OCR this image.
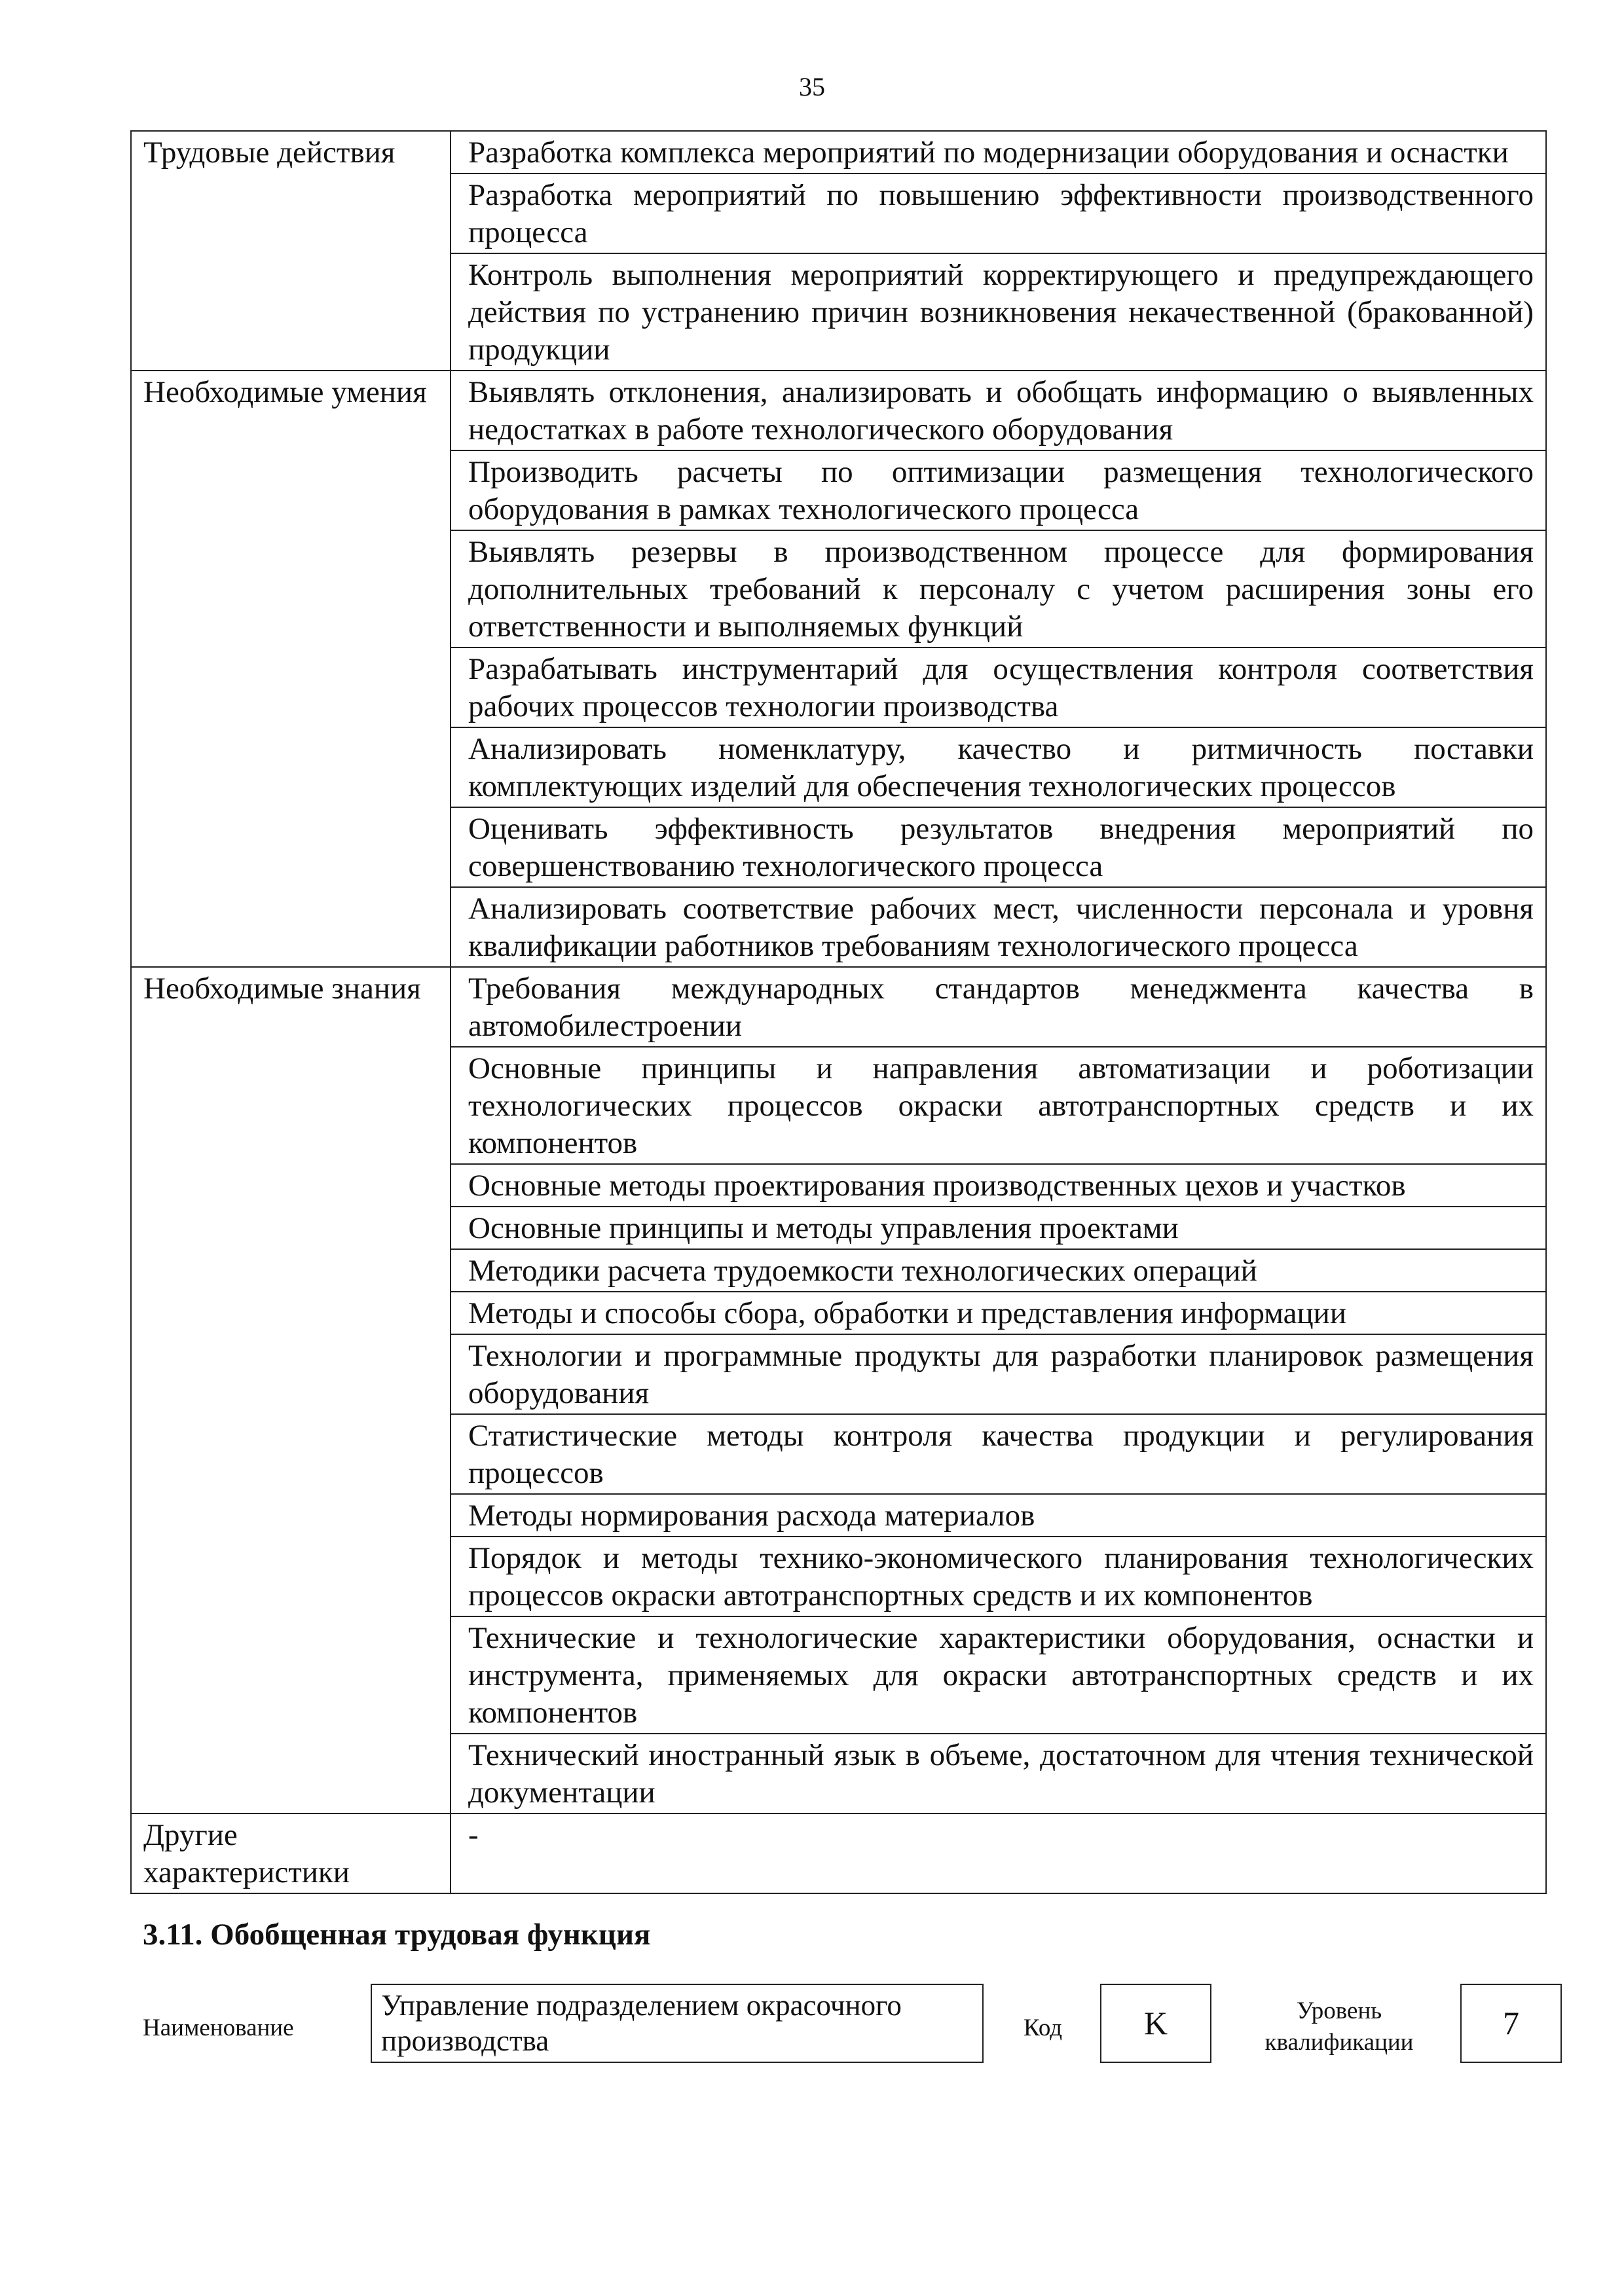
35
Трудовые действия	Разработка комплекса мероприятий по модернизации оборудования и оснастки
	Разработка мероприятий по повышению эффективности производственного процесса
	Контроль выполнения мероприятий корректирующего и предупреждающего действия по устранению причин возникновения некачественной (бракованной) продукции
Необходимые умения	Выявлять отклонения, анализировать и обобщать информацию о выявленных недостатках в работе технологического оборудования
	Производить расчеты по оптимизации размещения технологического оборудования в рамках технологического процесса
	Выявлять резервы в производственном процессе для формирования дополнительных требований к персоналу с учетом расширения зоны его ответственности и выполняемых функций
	Разрабатывать инструментарий для осуществления контроля соответствия рабочих процессов технологии производства
	Анализировать номенклатуру, качество и ритмичность поставки комплектующих изделий для обеспечения технологических процессов
	Оценивать эффективность результатов внедрения мероприятий по совершенствованию технологического процесса
	Анализировать соответствие рабочих мест, численности персонала и уровня квалификации работников требованиям технологического процесса
Необходимые знания	Требования международных стандартов менеджмента качества в автомобилестроении
	Основные принципы и направления автоматизации и роботизации технологических процессов окраски автотранспортных средств и их компонентов
	Основные методы проектирования производственных цехов и участков
	Основные принципы и методы управления проектами
	Методики расчета трудоемкости технологических операций
	Методы и способы сбора, обработки и представления информации
	Технологии и программные продукты для разработки планировок размещения оборудования
	Статистические методы контроля качества продукции и регулирования процессов
	Методы нормирования расхода материалов
	Порядок и методы технико-экономического планирования технологических процессов окраски автотранспортных средств и их компонентов
	Технические и технологические характеристики оборудования, оснастки и инструмента, применяемых для окраски автотранспортных средств и их компонентов
	Технический иностранный язык в объеме, достаточном для чтения технической документации
Другие характеристики	-
3.11. Обобщенная трудовая функция
Наименование
Управление подразделением окрасочного производства	Код	K	Уровень квалификации
7
